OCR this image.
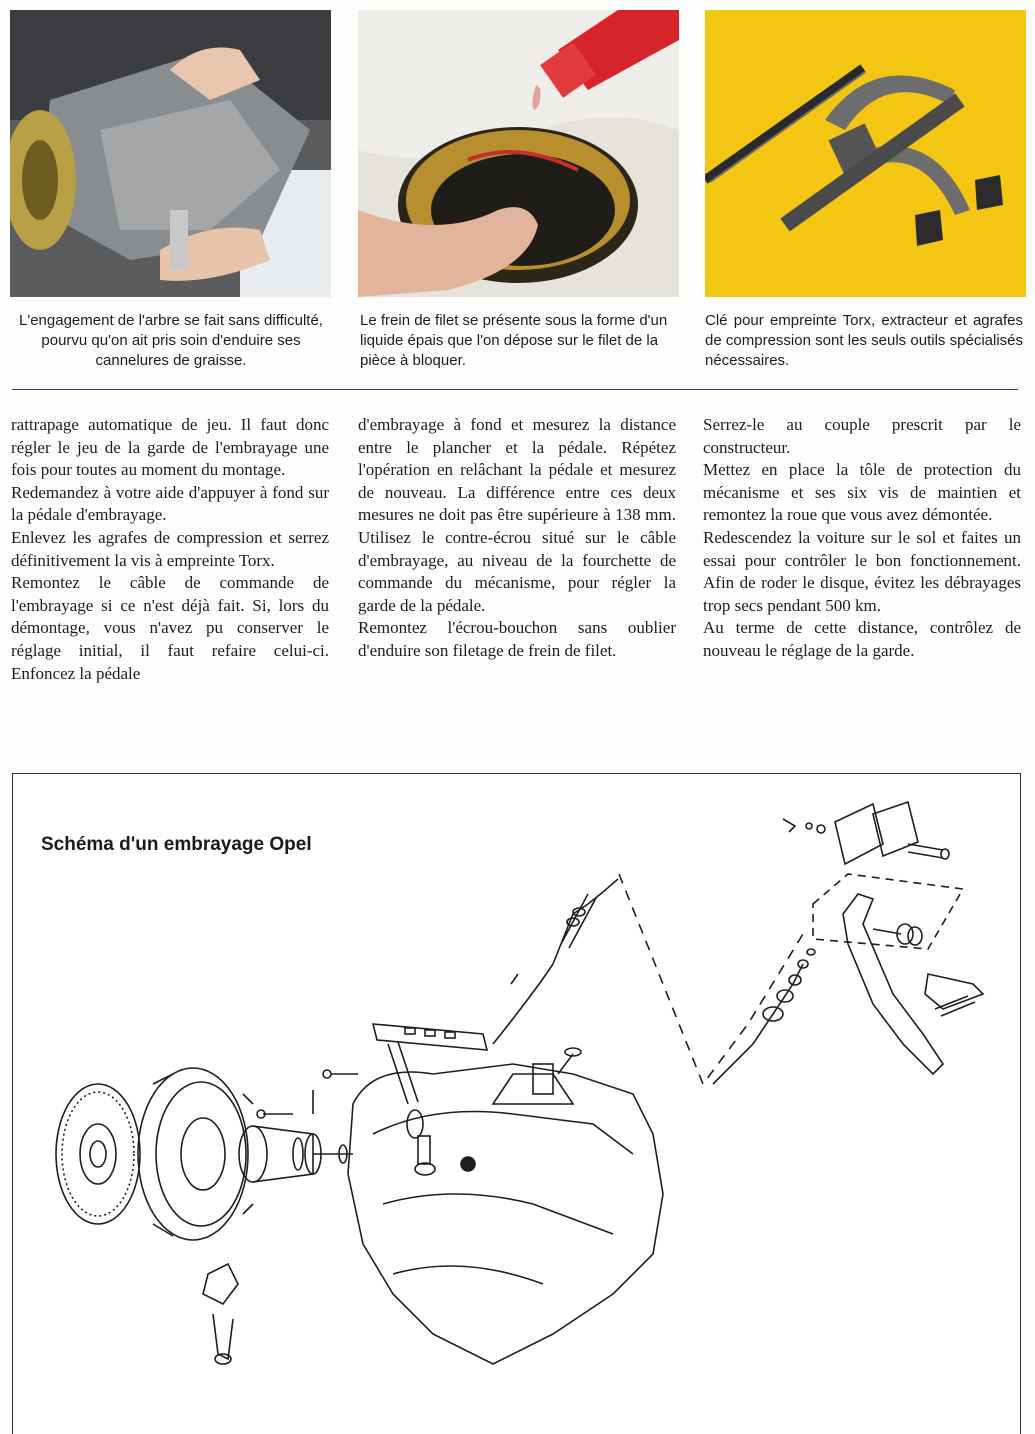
L'engagement de l'arbre se fait sans difficulté, pourvu qu'on ait pris soin d'enduire ses cannelures de graisse.
Le frein de filet se présente sous la forme d'un liquide épais que l'on dépose sur le filet de la pièce à bloquer.
Clé pour empreinte Torx, extracteur et agrafes de compression sont les seuls outils spécialisés nécessaires.

rattrapage automatique de jeu. Il faut donc régler le jeu de la garde de l'embrayage une fois pour toutes au moment du montage.

Redemandez à votre aide d'appuyer à fond sur la pédale d'embrayage.

Enlevez les agrafes de compression et serrez définitivement la vis à empreinte Torx.

Remontez le câble de commande de l'embrayage si ce n'est déjà fait. Si, lors du démontage, vous n'avez pu conserver le réglage initial, il faut refaire celui-ci. Enfoncez la pédale

d'embrayage à fond et mesurez la distance entre le plancher et la pédale. Répétez l'opération en relâchant la pédale et mesurez de nouveau. La différence entre ces deux mesures ne doit pas être supérieure à 138 mm. Utilisez le contre-écrou situé sur le câble d'embrayage, au niveau de la fourchette de commande du mécanisme, pour régler la garde de la pédale.

Remontez l'écrou-bouchon sans oublier d'enduire son filetage de frein de filet.

Serrez-le au couple prescrit par le constructeur.

Mettez en place la tôle de protection du mécanisme et ses six vis de maintien et remontez la roue que vous avez démontée.

Redescendez la voiture sur le sol et faites un essai pour contrôler le bon fonctionnement. Afin de roder le disque, évitez les débrayages trop secs pendant 500 km.

Au terme de cette distance, contrôlez de nouveau le réglage de la garde.

Schéma d'un embrayage Opel
